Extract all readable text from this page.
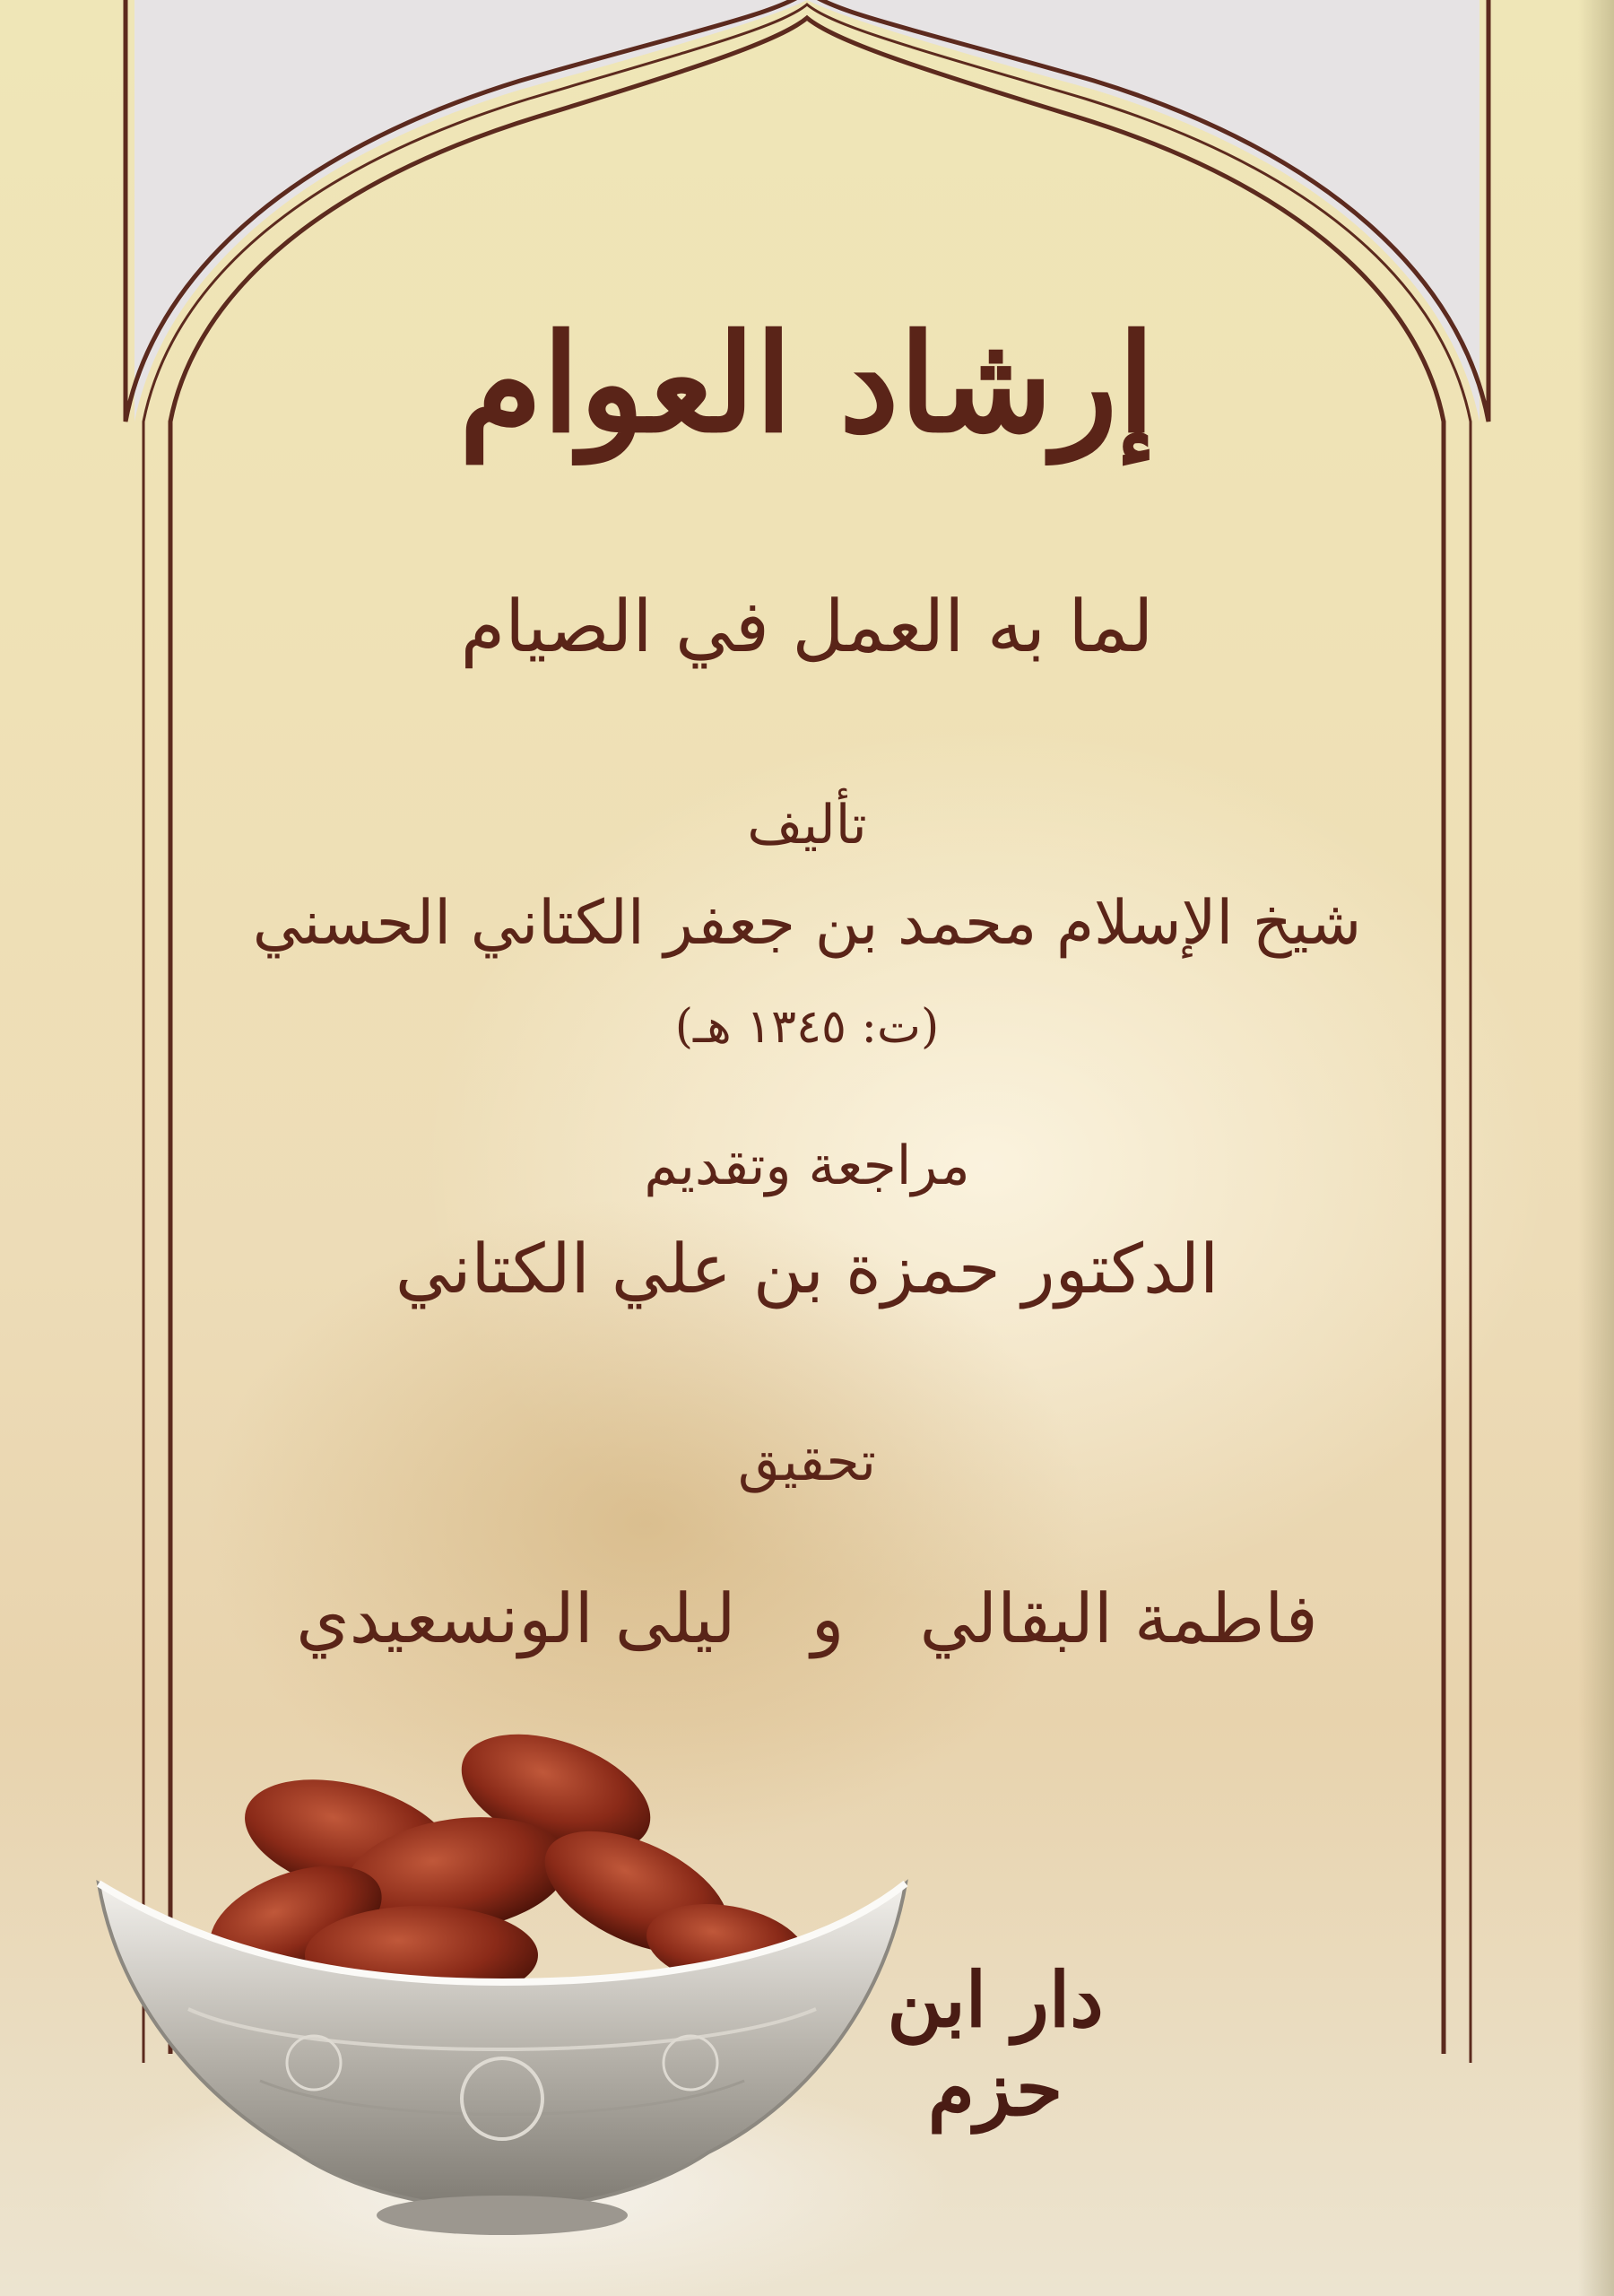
إرشاد العوام
لما به العمل في الصيام
تأليف
شيخ الإسلام محمد بن جعفر الكتاني الحسني
(ت: ١٣٤٥ هـ)
مراجعة وتقديم
الدكتور حمزة بن علي الكتاني
تحقيق
فاطمة البقالي و ليلى الونسعيدي
دار ابن حزم
